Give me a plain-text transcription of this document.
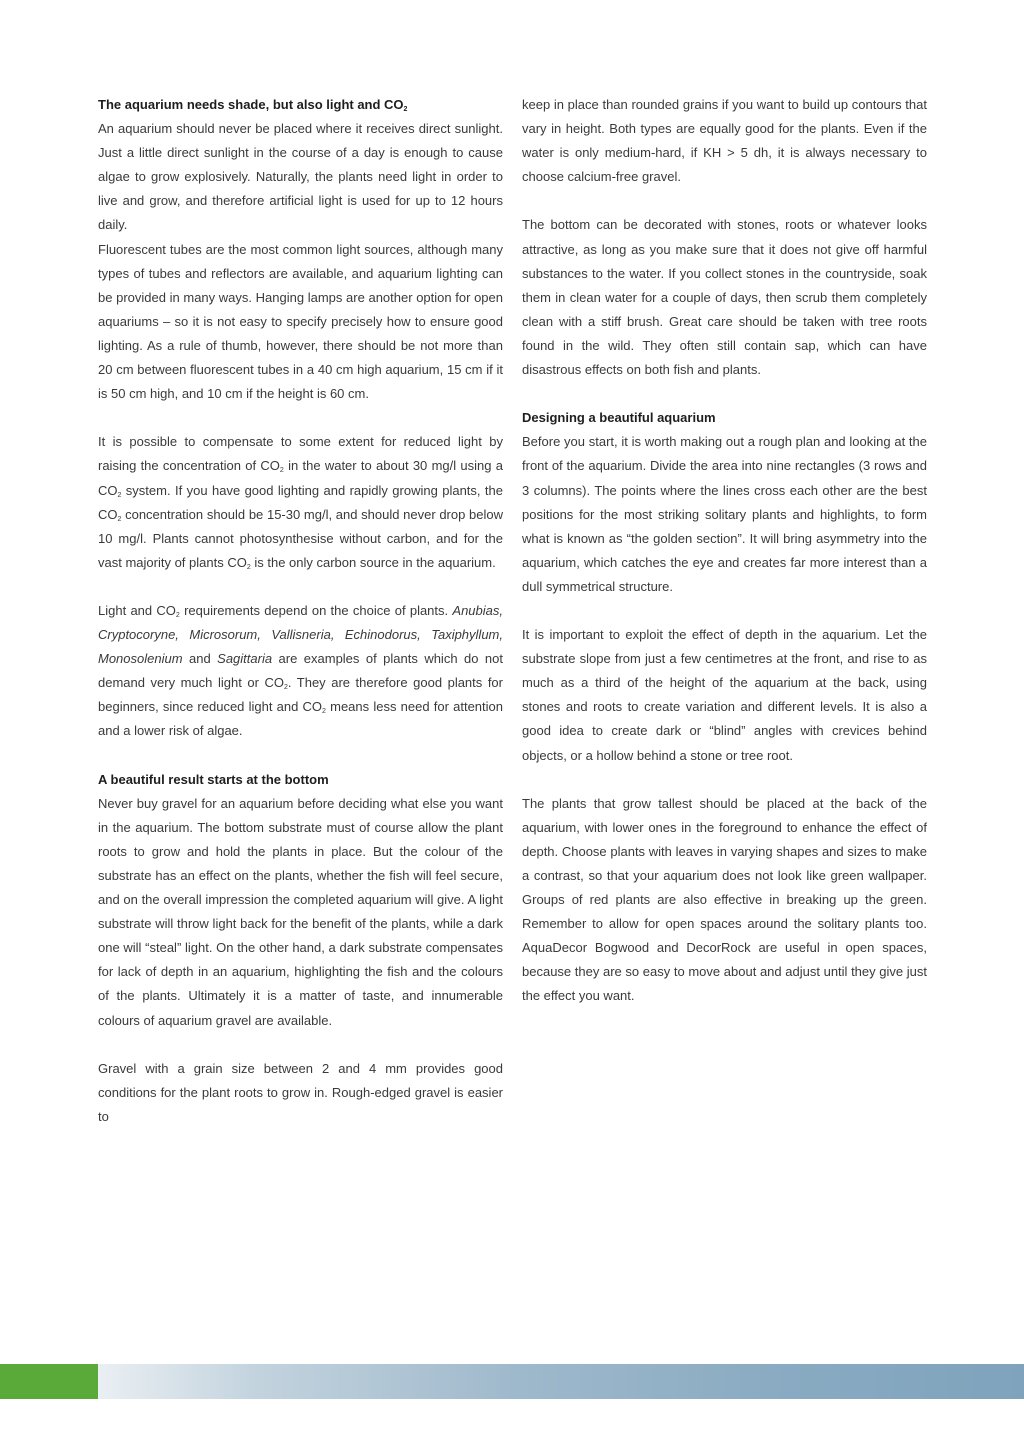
The aquarium needs shade, but also light and $CO_2$

An aquarium should never be placed where it receives direct sunlight. Just a little direct sunlight in the course of a day is enough to cause algae to grow explosively. Naturally, the plants need light in order to live and grow, and therefore artificial light is used for up to 12 hours daily.

Fluorescent tubes are the most common light sources, although many types of tubes and reflectors are available, and aquarium lighting can be provided in many ways. Hanging lamps are another option for open aquariums – so it is not easy to specify precisely how to ensure good lighting. As a rule of thumb, however, there should be not more than 20 cm between fluorescent tubes in a 40 cm high aquarium, 15 cm if it is 50 cm high, and 10 cm if the height is 60 cm.

It is possible to compensate to some extent for reduced light by raising the concentration of $CO_2$ in the water to about 30 mg/l using a $CO_2$ system. If you have good lighting and rapidly growing plants, the $CO_2$ concentration should be 15-30 mg/l, and should never drop below 10 mg/l. Plants cannot photosynthesise without carbon, and for the vast majority of plants $CO_2$ is the only carbon source in the aquarium.

Light and $CO_2$ requirements depend on the choice of plants. Anubias, Cryptocoryne, Microsorum, Vallisneria, Echinodorus, Taxiphyllum, Monosolenium and Sagittaria are examples of plants which do not demand very much light or $CO_2$. They are therefore good plants for beginners, since reduced light and $CO_2$ means less need for attention and a lower risk of algae.

A beautiful result starts at the bottom

Never buy gravel for an aquarium before deciding what else you want in the aquarium. The bottom substrate must of course allow the plant roots to grow and hold the plants in place. But the colour of the substrate has an effect on the plants, whether the fish will feel secure, and on the overall impression the completed aquarium will give. A light substrate will throw light back for the benefit of the plants, while a dark one will “steal” light. On the other hand, a dark substrate compensates for lack of depth in an aquarium, highlighting the fish and the colours of the plants. Ultimately it is a matter of taste, and innumerable colours of aquarium gravel are available.

Gravel with a grain size between 2 and 4 mm provides good conditions for the plant roots to grow in. Rough-edged gravel is easier to

keep in place than rounded grains if you want to build up contours that vary in height. Both types are equally good for the plants. Even if the water is only medium-hard, if KH > 5 dh, it is always necessary to choose calcium-free gravel.

The bottom can be decorated with stones, roots or whatever looks attractive, as long as you make sure that it does not give off harmful substances to the water. If you collect stones in the countryside, soak them in clean water for a couple of days, then scrub them completely clean with a stiff brush. Great care should be taken with tree roots found in the wild. They often still contain sap, which can have disastrous effects on both fish and plants.

Designing a beautiful aquarium

Before you start, it is worth making out a rough plan and looking at the front of the aquarium. Divide the area into nine rectangles (3 rows and 3 columns). The points where the lines cross each other are the best positions for the most striking solitary plants and highlights, to form what is known as “the golden section”. It will bring asymmetry into the aquarium, which catches the eye and creates far more interest than a dull symmetrical structure.

It is important to exploit the effect of depth in the aquarium. Let the substrate slope from just a few centimetres at the front, and rise to as much as a third of the height of the aquarium at the back, using stones and roots to create variation and different levels. It is also a good idea to create dark or “blind” angles with crevices behind objects, or a hollow behind a stone or tree root.

The plants that grow tallest should be placed at the back of the aquarium, with lower ones in the foreground to enhance the effect of depth. Choose plants with leaves in varying shapes and sizes to make a contrast, so that your aquarium does not look like green wallpaper. Groups of red plants are also effective in breaking up the green. Remember to allow for open spaces around the solitary plants too. AquaDecor Bogwood and DecorRock are useful in open spaces, because they are so easy to move about and adjust until they give just the effect you want.
